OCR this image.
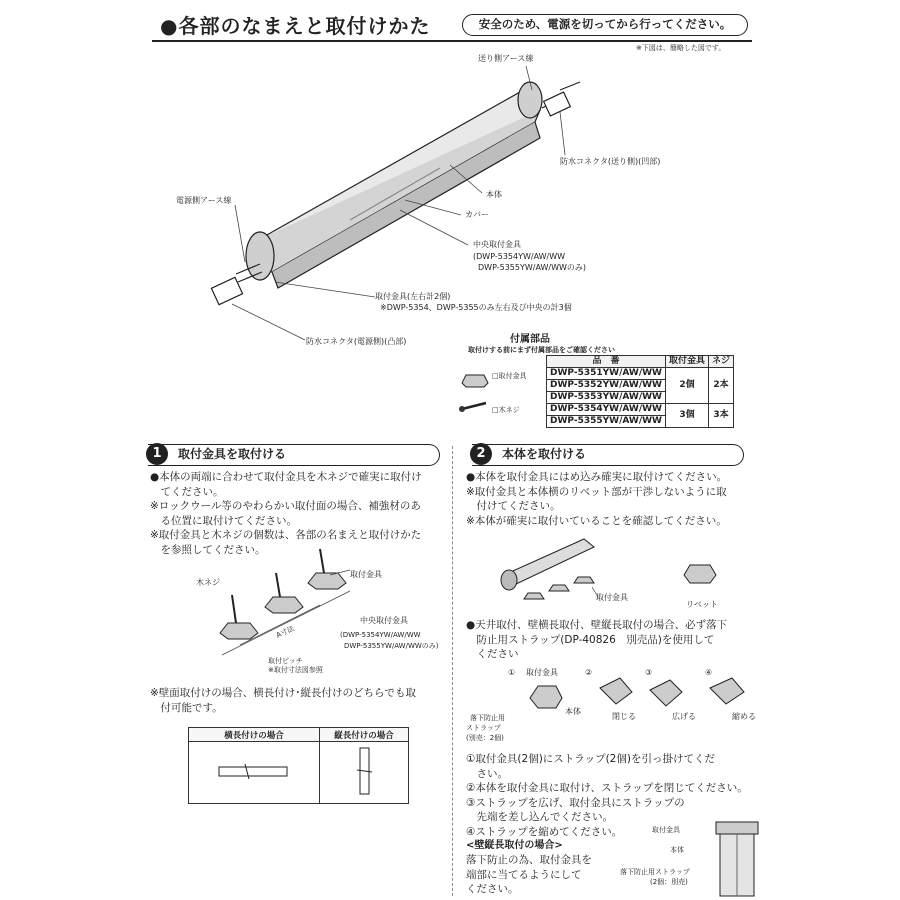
●各部のなまえと取付けかた	安全のため、電源を切ってから行ってください。
※下図は、簡略した図です。
送り側アース線
防水コネクタ(送り側)(凹部)
本体
カバー
電源側アース線
中央取付金具
(DWP-5354YW/AW/WW
DWP-5355YW/AW/WWのみ)
取付金具(左右計2個)
※DWP-5354、DWP-5355のみ左右及び中央の計3個
防水コネクタ(電源側)(凸部)	付属部品
取付けする前にまず付属部品をご確認ください
□取付金具
□木ネジ
品　番	取付金具	ネジ
DWP-5351YW/AW/WW	2個	2本
DWP-5352YW/AW/WW		
DWP-5353YW/AW/WW		
DWP-5354YW/AW/WW	3個	3本
DWP-5355YW/AW/WW		
1	取付金具を取付ける
●本体の両端に合わせて取付金具を木ネジで確実に取付け
　てください。
※ロックウール等のやわらかい取付面の場合、補強材のあ
　る位置に取付けてください。
※取付金具と木ネジの個数は、各部の名まえと取付けかた
　を参照してください。
木ネジ
取付金具
中央取付金具
(DWP-5354YW/AW/WW
DWP-5355YW/AW/WWのみ)
A寸法
取付ピッチ
※取付寸法図参照
※壁面取付けの場合、横長付け･縦長付けのどちらでも取
　付可能です。
横長付けの場合	縦長付けの場合

2	本体を取付ける
●本体を取付金具にはめ込み確実に取付けてください。
※取付金具と本体横のリベット部が干渉しないように取
　付けてください。
※本体が確実に取付いていることを確認してください。
取付金具
リベット
●天井取付、壁横長取付、壁縦長取付の場合、必ず落下
　防止用ストラップ(DP-40826　別売品)を使用して
　ください
① 取付金具	②	③	④
本体
閉じる	広げる	縮める
落下防止用
ストラップ
(別売：2個)
①取付金具(2個)にストラップ(2個)を引っ掛けてくだ
　さい。
②本体を取付金具に取付け、ストラップを閉じてください。
③ストラップを広げ、取付金具にストラップの
　先端を差し込んでください。
④ストラップを縮めてください。
<壁縦長取付の場合>
落下防止の為、取付金具を
端部に当てるようにして
ください。
取付金具
本体
落下防止用ストラップ
(2個：別売)
